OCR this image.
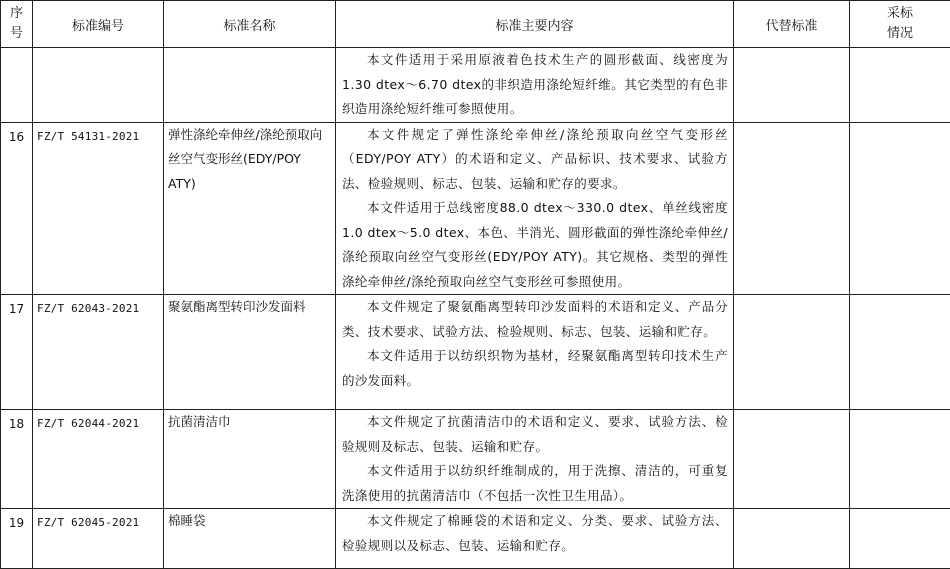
序
号	标准编号	标准名称	标准主要内容	代替标准	采标
情况

			本文件适用于采用原液着色技术生产的圆形截面、线密度为1.30 dtex～6.70 dtex的非织造用涤纶短纤维。其它类型的有色非织造用涤纶短纤维可参照使用。		

16	FZ/T 54131-2021	弹性涤纶牵伸丝/涤纶预取向丝空气变形丝(EDY/POY ATY)	本文件规定了弹性涤纶牵伸丝/涤纶预取向丝空气变形丝（EDY/POY ATY）的术语和定义、产品标识、技术要求、试验方法、检验规则、标志、包装、运输和贮存的要求。

本文件适用于总线密度88.0 dtex～330.0 dtex、单丝线密度1.0 dtex～5.0 dtex、本色、半消光、圆形截面的弹性涤纶牵伸丝/涤纶预取向丝空气变形丝(EDY/POY ATY)。其它规格、类型的弹性涤纶牵伸丝/涤纶预取向丝空气变形丝可参照使用。		

17	FZ/T 62043-2021	聚氨酯离型转印沙发面料	本文件规定了聚氨酯离型转印沙发面料的术语和定义、产品分类、技术要求、试验方法、检验规则、标志、包装、运输和贮存。

本文件适用于以纺织织物为基材，经聚氨酯离型转印技术生产的沙发面料。		

18	FZ/T 62044-2021	抗菌清洁巾	本文件规定了抗菌清洁巾的术语和定义、要求、试验方法、检验规则及标志、包装、运输和贮存。

本文件适用于以纺织纤维制成的，用于洗擦、清洁的，可重复洗涤使用的抗菌清洁巾（不包括一次性卫生用品）。		

19	FZ/T 62045-2021	棉睡袋	本文件规定了棉睡袋的术语和定义、分类、要求、试验方法、检验规则以及标志、包装、运输和贮存。		
